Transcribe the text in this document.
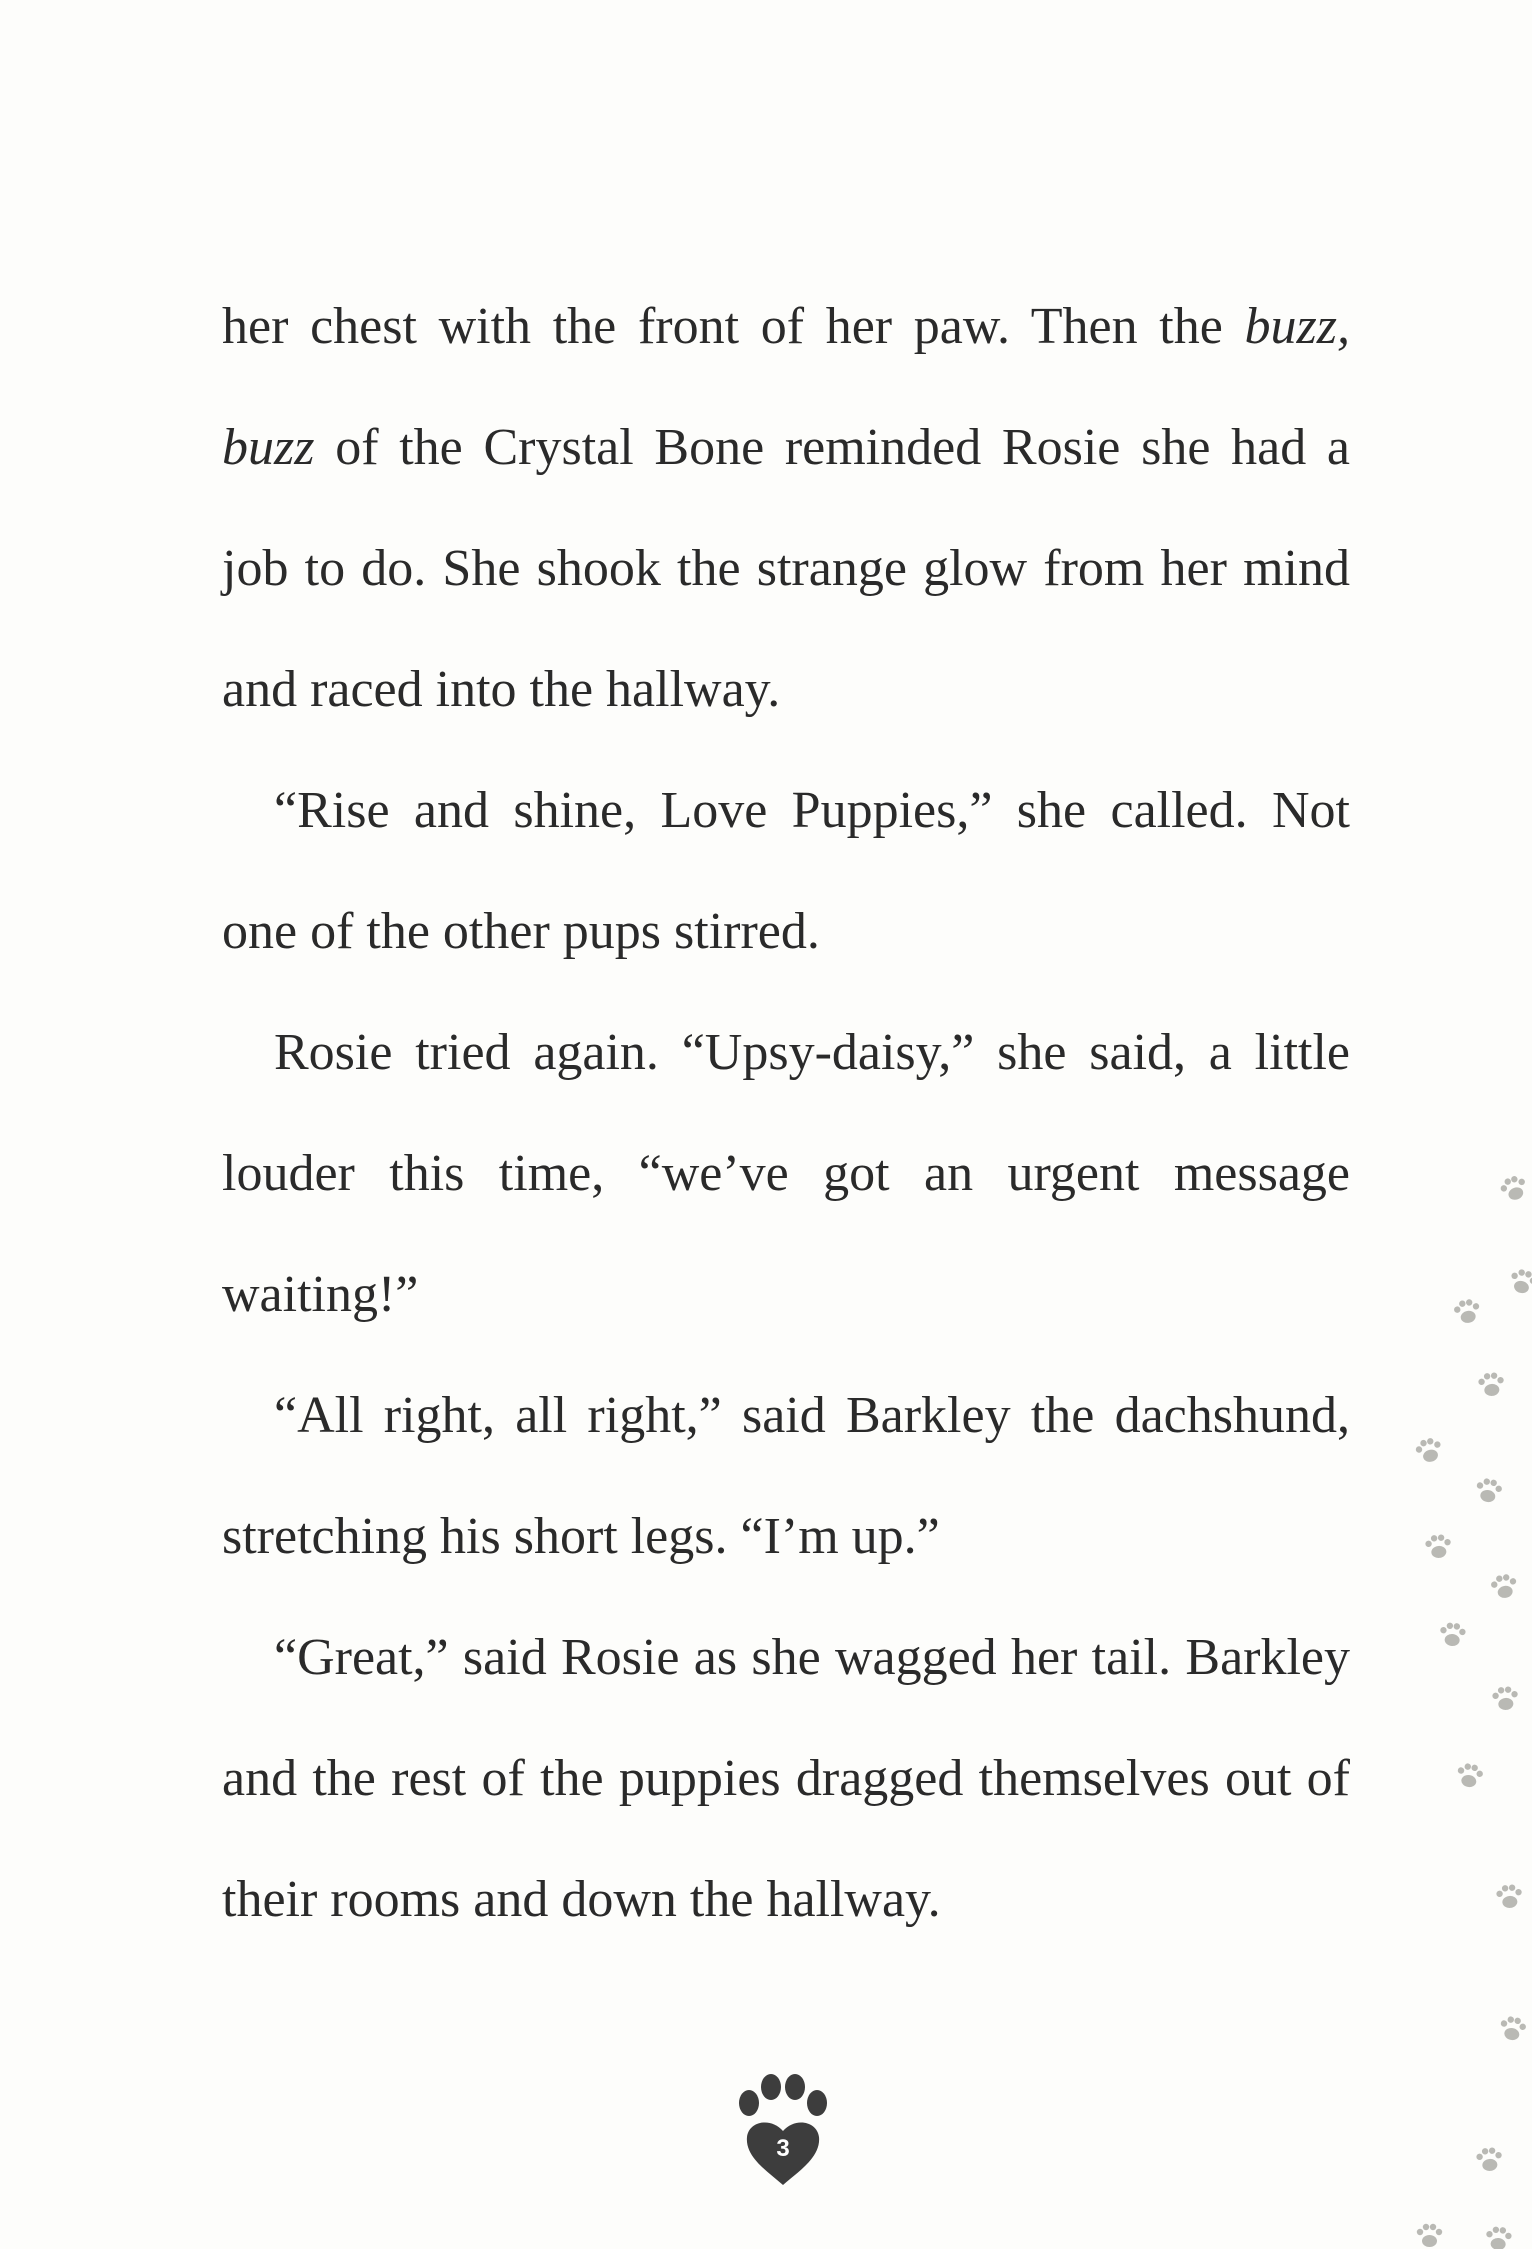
her chest with the front of her paw. Then the buzz, buzz of the Crystal Bone reminded Rosie she had a job to do. She shook the strange glow from her mind and raced into the hallway.

“Rise and shine, Love Puppies,” she called. Not one of the other pups stirred.

Rosie tried again. “Upsy-daisy,” she said, a little louder this time, “we’ve got an urgent message waiting!”

“All right, all right,” said Barkley the dachshund, stretching his short legs. “I’m up.”

“Great,” said Rosie as she wagged her tail. Barkley and the rest of the puppies dragged themselves out of their rooms and down the hallway.

3
